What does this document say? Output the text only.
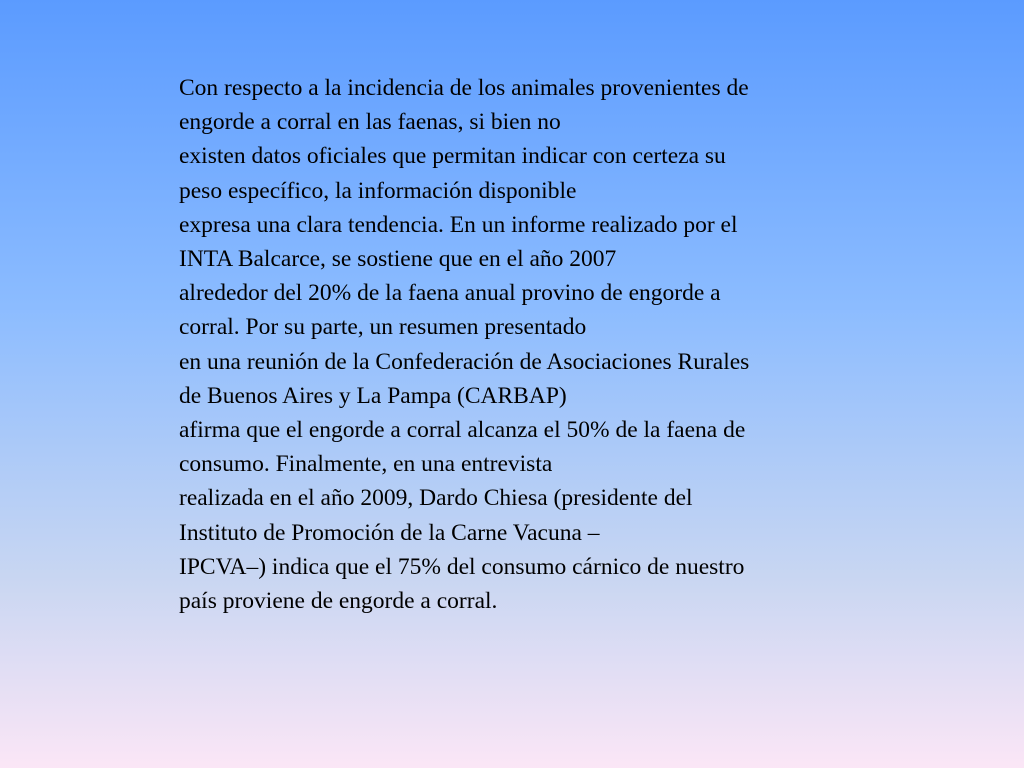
Con respecto a la incidencia de los animales provenientes de
engorde a corral en las faenas, si bien no
existen datos oficiales que permitan indicar con certeza su
peso específico, la información disponible
expresa una clara tendencia. En un informe realizado por el
INTA Balcarce, se sostiene que en el año 2007
alrededor del 20% de la faena anual provino de engorde a
corral. Por su parte, un resumen presentado
en una reunión de la Confederación de Asociaciones Rurales
de Buenos Aires y La Pampa (CARBAP)
afirma que el engorde a corral alcanza el 50% de la faena de
consumo. Finalmente, en una entrevista
realizada en el año 2009, Dardo Chiesa (presidente del
Instituto de Promoción de la Carne Vacuna –
IPCVA–) indica que el 75% del consumo cárnico de nuestro
país proviene de engorde a corral.
